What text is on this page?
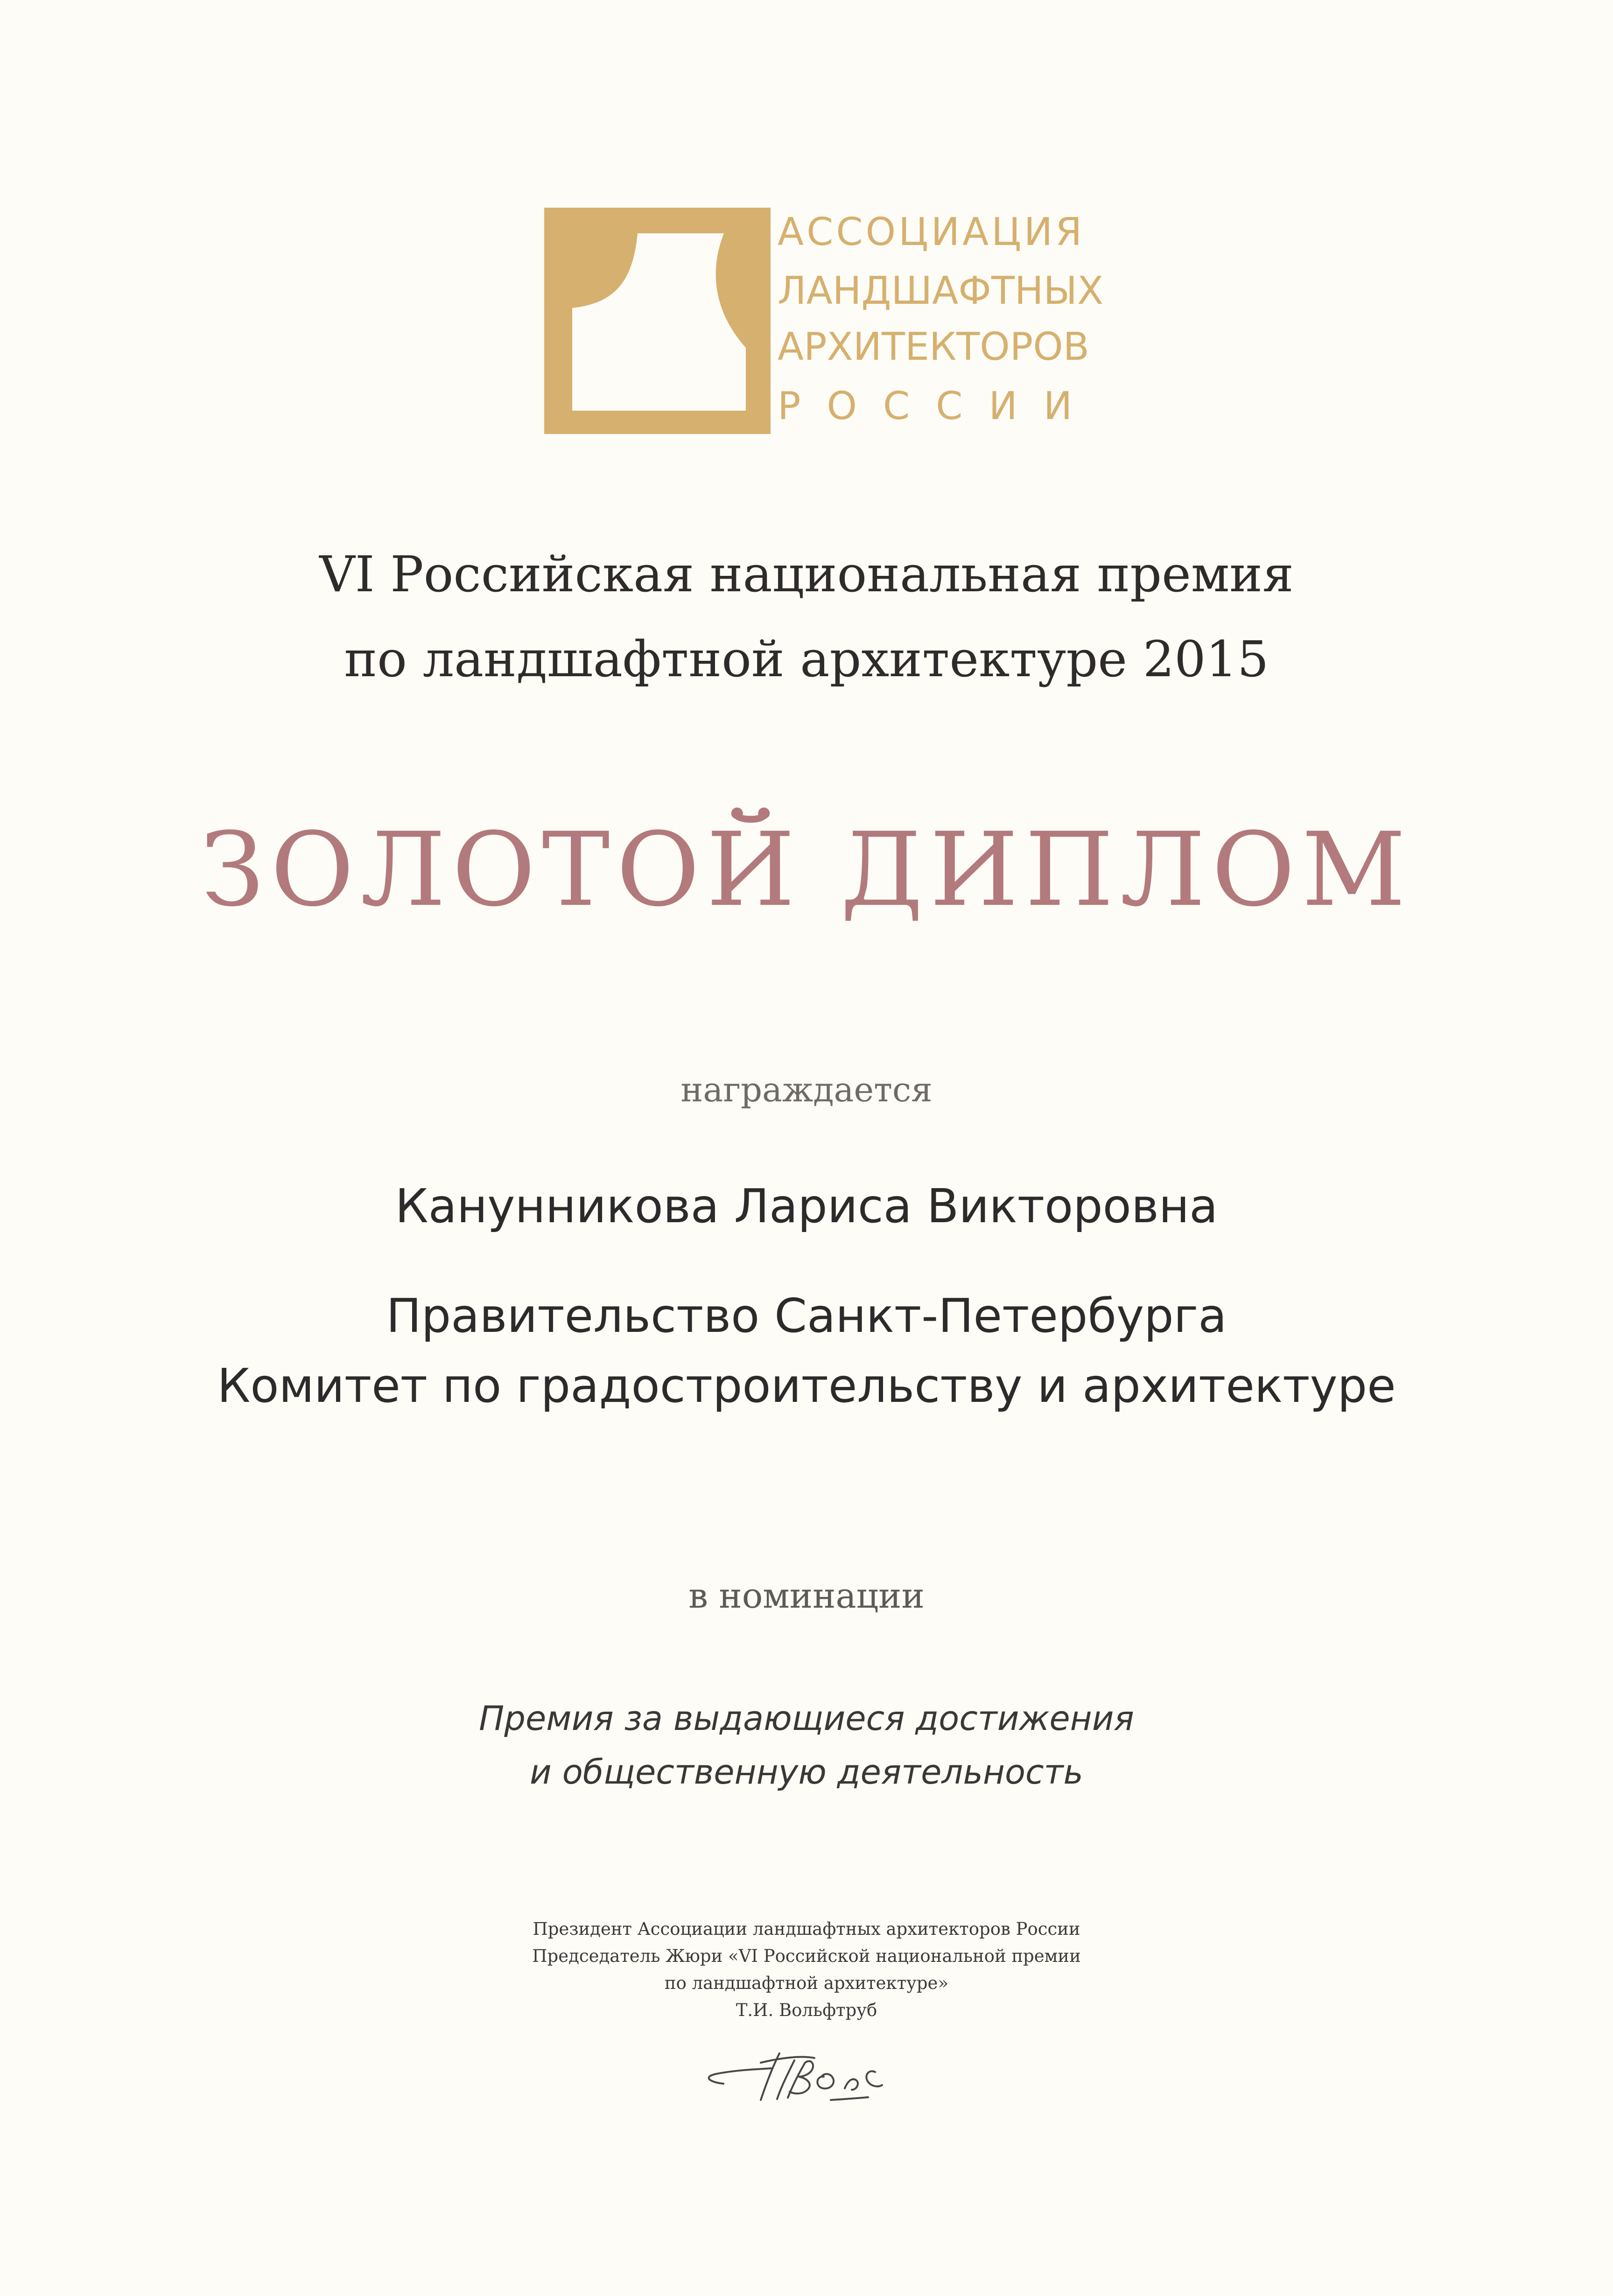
АССОЦИАЦИЯ
ЛАНДШАФТНЫХ
АРХИТЕКТОРОВ
РОССИИ
VI Российская национальная премия
по ландшафтной архитектуре 2015
ЗОЛОТОЙ ДИПЛОМ
награждается
Канунникова Лариса Викторовна
Правительство Санкт-Петербурга
Комитет по градостроительству и архитектуре
в номинации
Премия за выдающиеся достижения
и общественную деятельность
Президент Ассоциации ландшафтных архитекторов России
Председатель Жюри «VI Российской национальной премии
по ландшафтной архитектуре»
Т.И. Вольфтруб
